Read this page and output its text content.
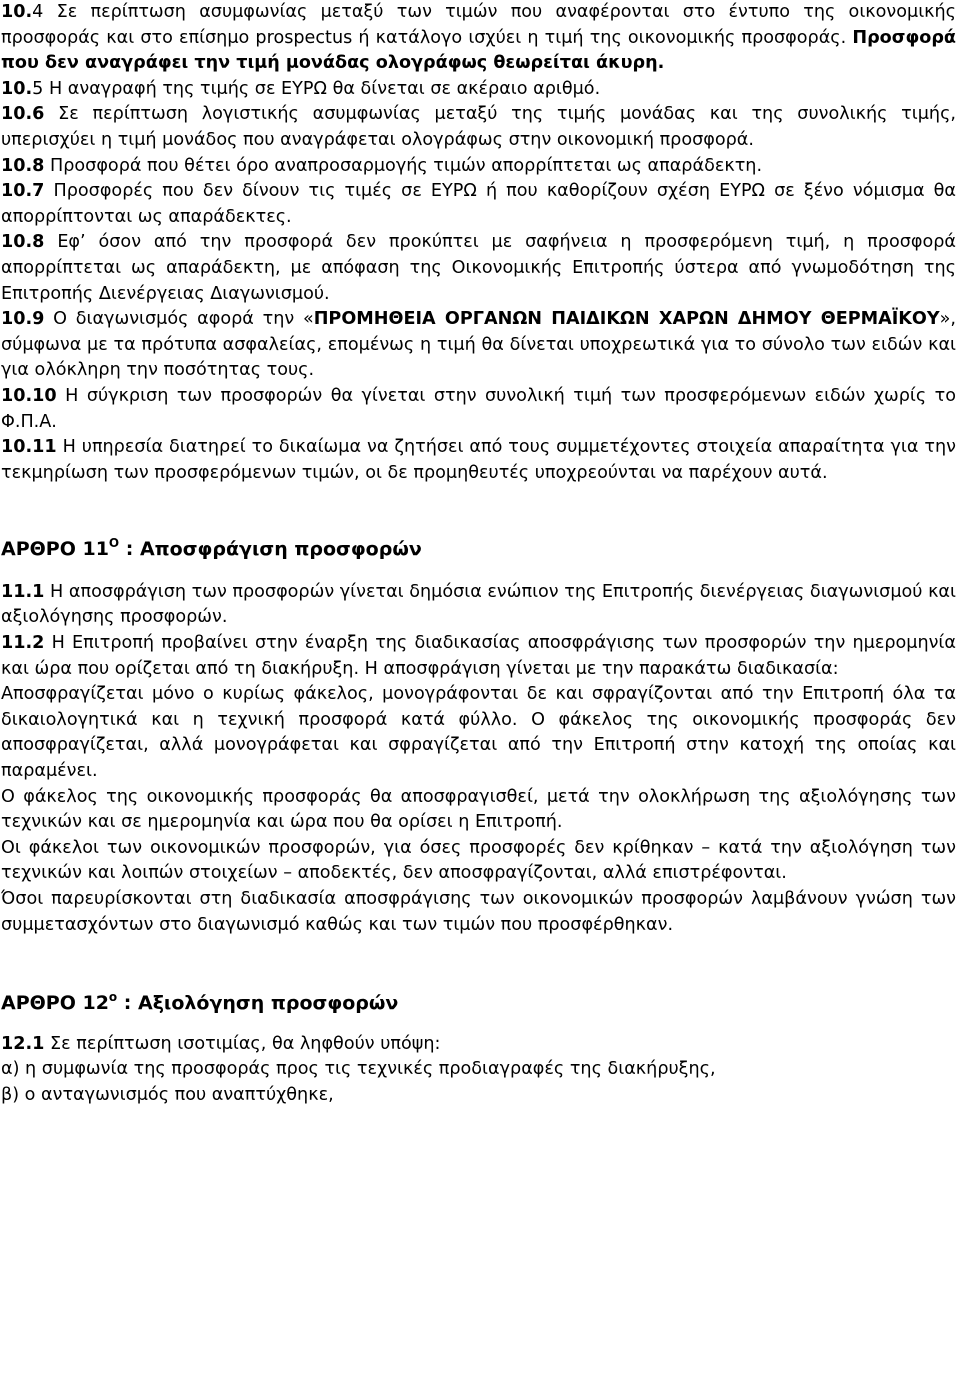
10.4 Σε περίπτωση ασυμφωνίας μεταξύ των τιμών που αναφέρονται στο έντυπο της οικονομικής προσφοράς και στο επίσημο prospectus ή κατάλογο ισχύει η τιμή της οικονομικής προσφοράς. Προσφορά που δεν αναγράφει την τιμή μονάδας ολογράφως θεωρείται άκυρη.

10.5 Η αναγραφή της τιμής σε ΕΥΡΩ θα δίνεται σε ακέραιο αριθμό.

10.6 Σε περίπτωση λογιστικής ασυμφωνίας μεταξύ της τιμής μονάδας και της συνολικής τιμής, υπερισχύει η τιμή μονάδος που αναγράφεται ολογράφως στην οικονομική προσφορά.

10.8 Προσφορά που θέτει όρο αναπροσαρμογής τιμών απορρίπτεται ως απαράδεκτη.

10.7 Προσφορές που δεν δίνουν τις τιμές σε ΕΥΡΩ ή που καθορίζουν σχέση ΕΥΡΩ σε ξένο νόμισμα θα απορρίπτονται ως απαράδεκτες.

10.8 Εφ’ όσον από την προσφορά δεν προκύπτει με σαφήνεια η προσφερόμενη τιμή, η προσφορά απορρίπτεται ως απαράδεκτη, με απόφαση της Οικονομικής Επιτροπής ύστερα από γνωμοδότηση της Επιτροπής Διενέργειας Διαγωνισμού.

10.9 Ο διαγωνισμός αφορά την «ΠΡΟΜΗΘΕΙΑ ΟΡΓΑΝΩΝ ΠΑΙΔΙΚΩΝ ΧΑΡΩΝ ΔΗΜΟΥ ΘΕΡΜΑΪΚΟΥ», σύμφωνα με τα πρότυπα ασφαλείας, επομένως η τιμή θα δίνεται υποχρεωτικά για το σύνολο των ειδών και για ολόκληρη την ποσότητας τους.

10.10 Η σύγκριση των προσφορών θα γίνεται στην συνολική τιμή των προσφερόμενων ειδών χωρίς το Φ.Π.Α.

10.11 Η υπηρεσία διατηρεί το δικαίωμα να ζητήσει από τους συμμετέχοντες στοιχεία απαραίτητα για την τεκμηρίωση των προσφερόμενων τιμών, οι δε προμηθευτές υποχρεούνται να παρέχουν αυτά.

ΑΡΘΡΟ $11^O$ : Αποσφράγιση προσφορών

11.1 Η αποσφράγιση των προσφορών γίνεται δημόσια ενώπιον της Επιτροπής διενέργειας διαγωνισμού και αξιολόγησης προσφορών.

11.2 Η Επιτροπή προβαίνει στην έναρξη της διαδικασίας αποσφράγισης των προσφορών την ημερομηνία και ώρα που ορίζεται από τη διακήρυξη. Η αποσφράγιση γίνεται με την παρακάτω διαδικασία:

Αποσφραγίζεται μόνο ο κυρίως φάκελος, μονογράφονται δε και σφραγίζονται από την Επιτροπή όλα τα δικαιολογητικά και η τεχνική προσφορά κατά φύλλο. Ο φάκελος της οικονομικής προσφοράς δεν αποσφραγίζεται, αλλά μονογράφεται και σφραγίζεται από την Επιτροπή στην κατοχή της οποίας και παραμένει.

Ο φάκελος της οικονομικής προσφοράς θα αποσφραγισθεί, μετά την ολοκλήρωση της αξιολόγησης των τεχνικών και σε ημερομηνία και ώρα που θα ορίσει η Επιτροπή.

Οι φάκελοι των οικονομικών προσφορών, για όσες προσφορές δεν κρίθηκαν – κατά την αξιολόγηση των τεχνικών και λοιπών στοιχείων – αποδεκτές, δεν αποσφραγίζονται, αλλά επιστρέφονται.

Όσοι παρευρίσκονται στη διαδικασία αποσφράγισης των οικονομικών προσφορών λαμβάνουν γνώση των συμμετασχόντων στο διαγωνισμό καθώς και των τιμών που προσφέρθηκαν.

ΑΡΘΡΟ $12^o$ : Αξιολόγηση προσφορών

12.1 Σε περίπτωση ισοτιμίας, θα ληφθούν υπόψη:

α) η συμφωνία της προσφοράς προς τις τεχνικές προδιαγραφές της διακήρυξης,

β) ο ανταγωνισμός που αναπτύχθηκε,
